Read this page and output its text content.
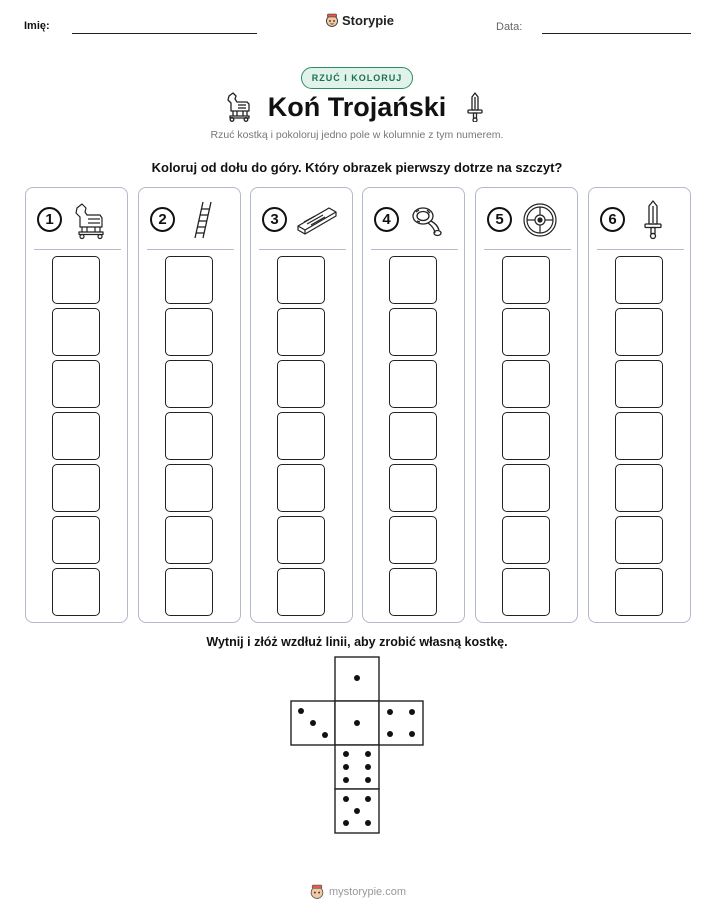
Imię:	Data:
Storypie
RZUĆ I KOLORUJ
Koń Trojański
Rzuć kostką i pokoloruj jedno pole w kolumnie z tym numerem.
Koloruj od dołu do góry. Który obrazek pierwszy dotrze na szczyt?
1	2	3	4	5	6
Wytnij i złóż wzdłuż linii, aby zrobić własną kostkę.
mystorypie.com
